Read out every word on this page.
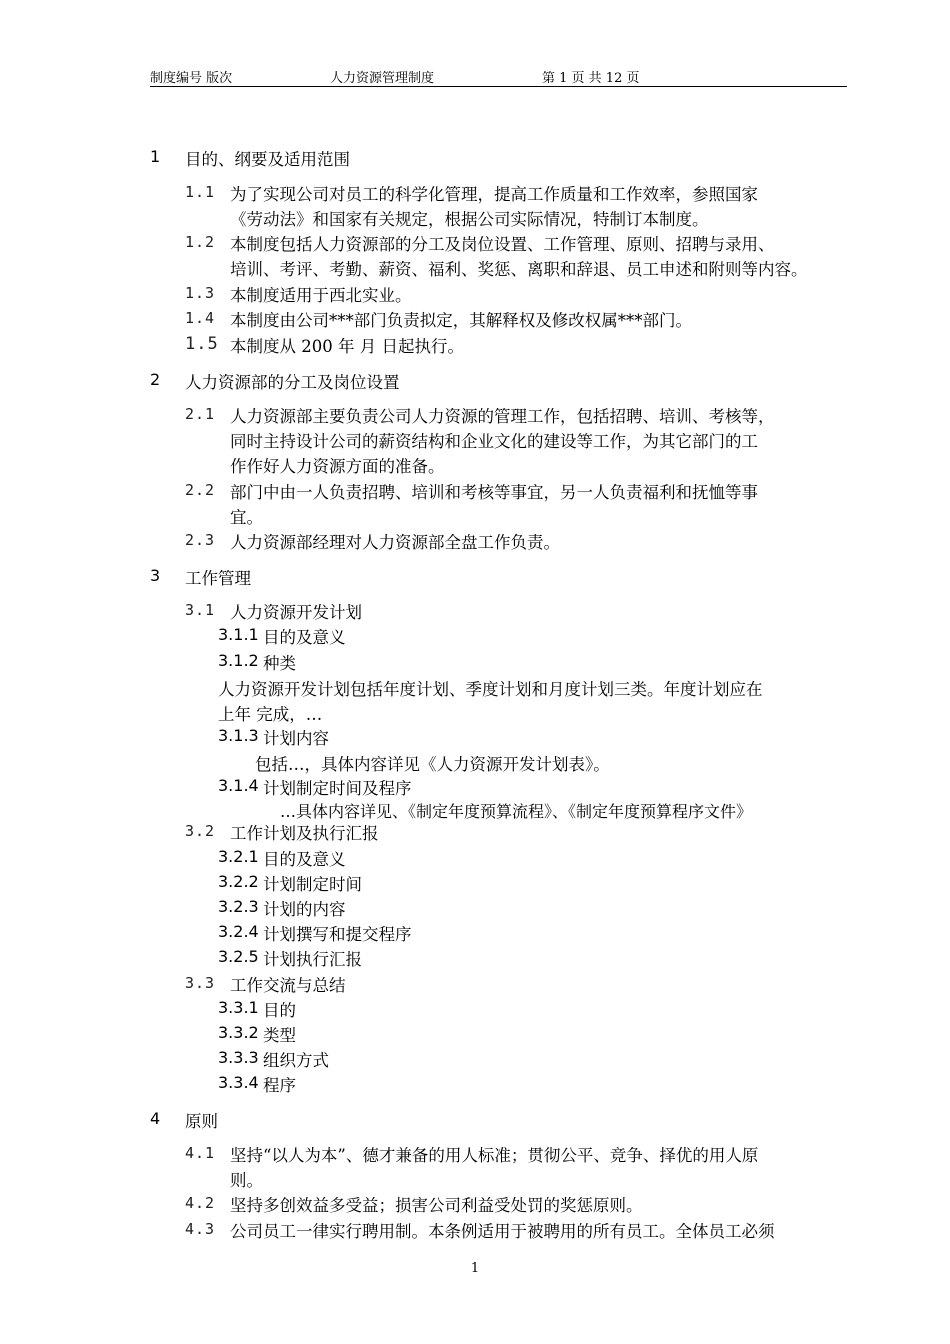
制度编号 版次	人力资源管理制度	第 1 页 共 12 页
1 目的、纲要及适用范围
1.1 为了实现公司对员工的科学化管理，提高工作质量和工作效率，参照国家
《劳动法》和国家有关规定，根据公司实际情况，特制订本制度。
1.2 本制度包括人力资源部的分工及岗位设置、工作管理、原则、招聘与录用、
培训、考评、考勤、薪资、福利、奖惩、离职和辞退、员工申述和附则等内容。
1.3 本制度适用于西北实业。
1.4 本制度由公司***部门负责拟定，其解释权及修改权属***部门。
1.5 本制度从 200 年 月 日起执行。
2 人力资源部的分工及岗位设置
2.1 人力资源部主要负责公司人力资源的管理工作，包括招聘、培训、考核等，
同时主持设计公司的薪资结构和企业文化的建设等工作，为其它部门的工
作作好人力资源方面的准备。
2.2 部门中由一人负责招聘、培训和考核等事宜，另一人负责福利和抚恤等事
宜。
2.3 人力资源部经理对人力资源部全盘工作负责。
3 工作管理
3.1 人力资源开发计划
3.1.1 目的及意义
3.1.2 种类
人力资源开发计划包括年度计划、季度计划和月度计划三类。年度计划应在
上年 完成，…
3.1.3 计划内容
包括…，具体内容详见《人力资源开发计划表》。
3.1.4 计划制定时间及程序
…具体内容详见、《制定年度预算流程》、《制定年度预算程序文件》
3.2 工作计划及执行汇报
3.2.1 目的及意义
3.2.2 计划制定时间
3.2.3 计划的内容
3.2.4 计划撰写和提交程序
3.2.5 计划执行汇报
3.3 工作交流与总结
3.3.1 目的
3.3.2 类型
3.3.3 组织方式
3.3.4 程序
4 原则
4.1 坚持“以人为本”、德才兼备的用人标准；贯彻公平、竞争、择优的用人原
则。
4.2 坚持多创效益多受益；损害公司利益受处罚的奖惩原则。
4.3 公司员工一律实行聘用制。本条例适用于被聘用的所有员工。全体员工必须
1
